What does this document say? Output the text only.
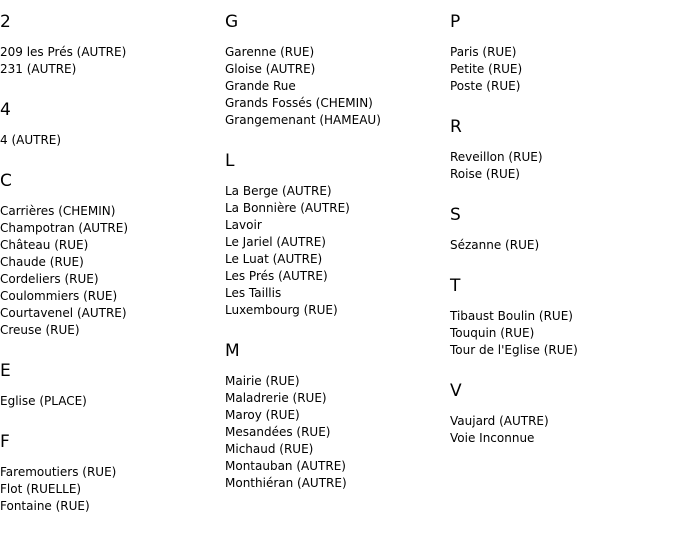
2
209 les Prés (AUTRE)
231 (AUTRE)
4
4 (AUTRE)
C
Carrières (CHEMIN)
Champotran (AUTRE)
Château (RUE)
Chaude (RUE)
Cordeliers (RUE)
Coulommiers (RUE)
Courtavenel (AUTRE)
Creuse (RUE)
E
Eglise (PLACE)
F
Faremoutiers (RUE)
Flot (RUELLE)
Fontaine (RUE)
G
Garenne (RUE)
Gloise (AUTRE)
Grande Rue
Grands Fossés (CHEMIN)
Grangemenant (HAMEAU)
L
La Berge (AUTRE)
La Bonnière (AUTRE)
Lavoir
Le Jariel (AUTRE)
Le Luat (AUTRE)
Les Prés (AUTRE)
Les Taillis
Luxembourg (RUE)
M
Mairie (RUE)
Maladrerie (RUE)
Maroy (RUE)
Mesandées (RUE)
Michaud (RUE)
Montauban (AUTRE)
Monthiéran (AUTRE)
P
Paris (RUE)
Petite (RUE)
Poste (RUE)
R
Reveillon (RUE)
Roise (RUE)
S
Sézanne (RUE)
T
Tibaust Boulin (RUE)
Touquin (RUE)
Tour de l'Eglise (RUE)
V
Vaujard (AUTRE)
Voie Inconnue
